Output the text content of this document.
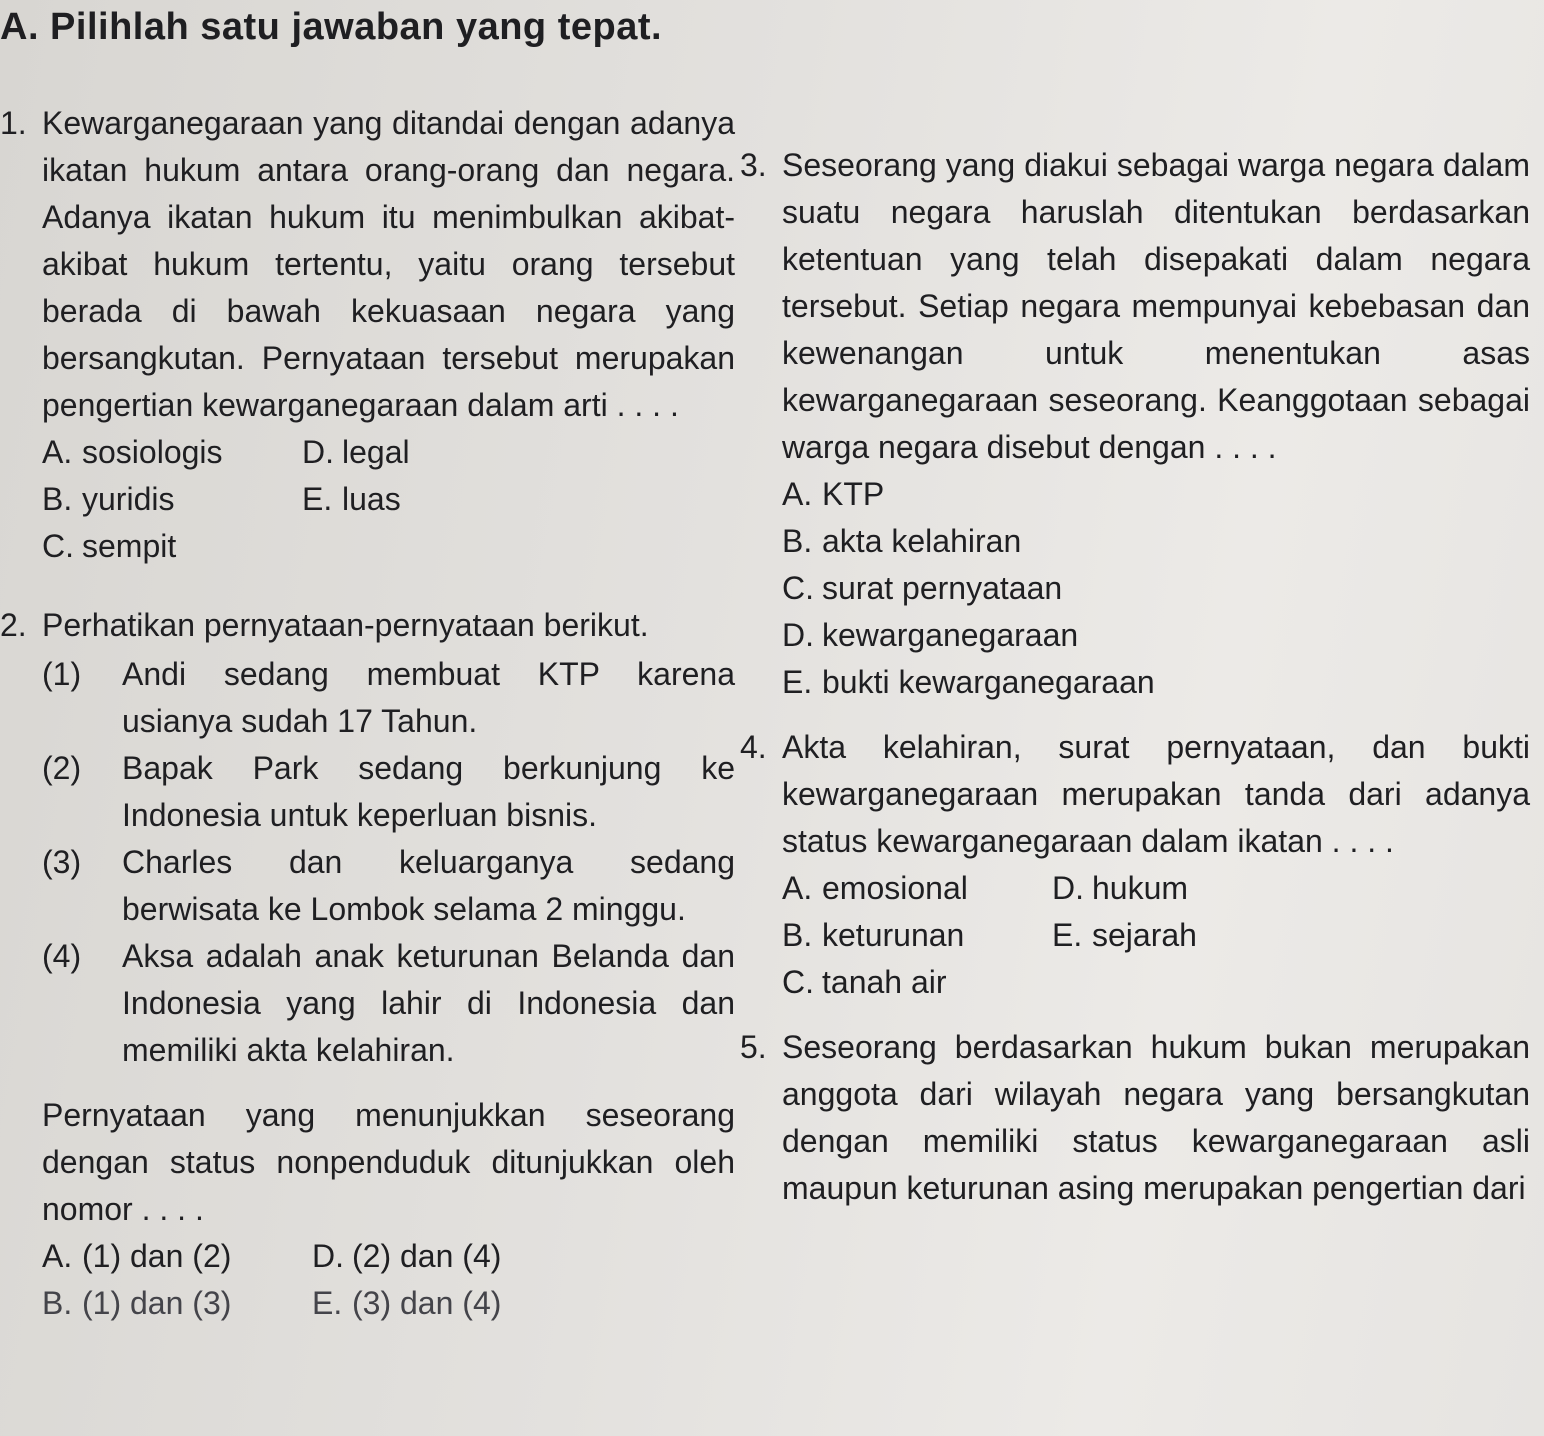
A. Pilihlah satu jawaban yang tepat.
1. Kewarganegaraan yang ditandai dengan adanya ikatan hukum antara orang-orang dan negara. Adanya ikatan hukum itu menimbulkan akibat-akibat hukum tertentu, yaitu orang tersebut berada di bawah kekuasaan negara yang bersangkutan. Pernyataan tersebut merupakan pengertian kewarganegaraan dalam arti . . . .
A. sosiologis	D. legal
B. yuridis	E. luas
C. sempit
2. Perhatikan pernyataan-pernyataan berikut.
(1) Andi sedang membuat KTP karena usianya sudah 17 Tahun.
(2) Bapak Park sedang berkunjung ke Indonesia untuk keperluan bisnis.
(3) Charles dan keluarganya sedang berwisata ke Lombok selama 2 minggu.
(4) Aksa adalah anak keturunan Belanda dan Indonesia yang lahir di Indonesia dan memiliki akta kelahiran.
Pernyataan yang menunjukkan seseorang dengan status nonpenduduk ditunjukkan oleh nomor . . . .
A. (1) dan (2)	D. (2) dan (4)
B. (1) dan (3)	E. (3) dan (4)
3. Seseorang yang diakui sebagai warga negara dalam suatu negara haruslah ditentukan berdasarkan ketentuan yang telah disepakati dalam negara tersebut. Setiap negara mempunyai kebebasan dan kewenangan untuk menentukan asas kewarganegaraan seseorang. Keanggotaan sebagai warga negara disebut dengan . . . .
A. KTP
B. akta kelahiran
C. surat pernyataan
D. kewarganegaraan
E. bukti kewarganegaraan
4. Akta kelahiran, surat pernyataan, dan bukti kewarganegaraan merupakan tanda dari adanya status kewarganegaraan dalam ikatan . . . .
A. emosional	D. hukum
B. keturunan	E. sejarah
C. tanah air
5. Seseorang berdasarkan hukum bukan merupakan anggota dari wilayah negara yang bersangkutan dengan memiliki status kewarganegaraan asli maupun keturunan asing merupakan pengertian dari
